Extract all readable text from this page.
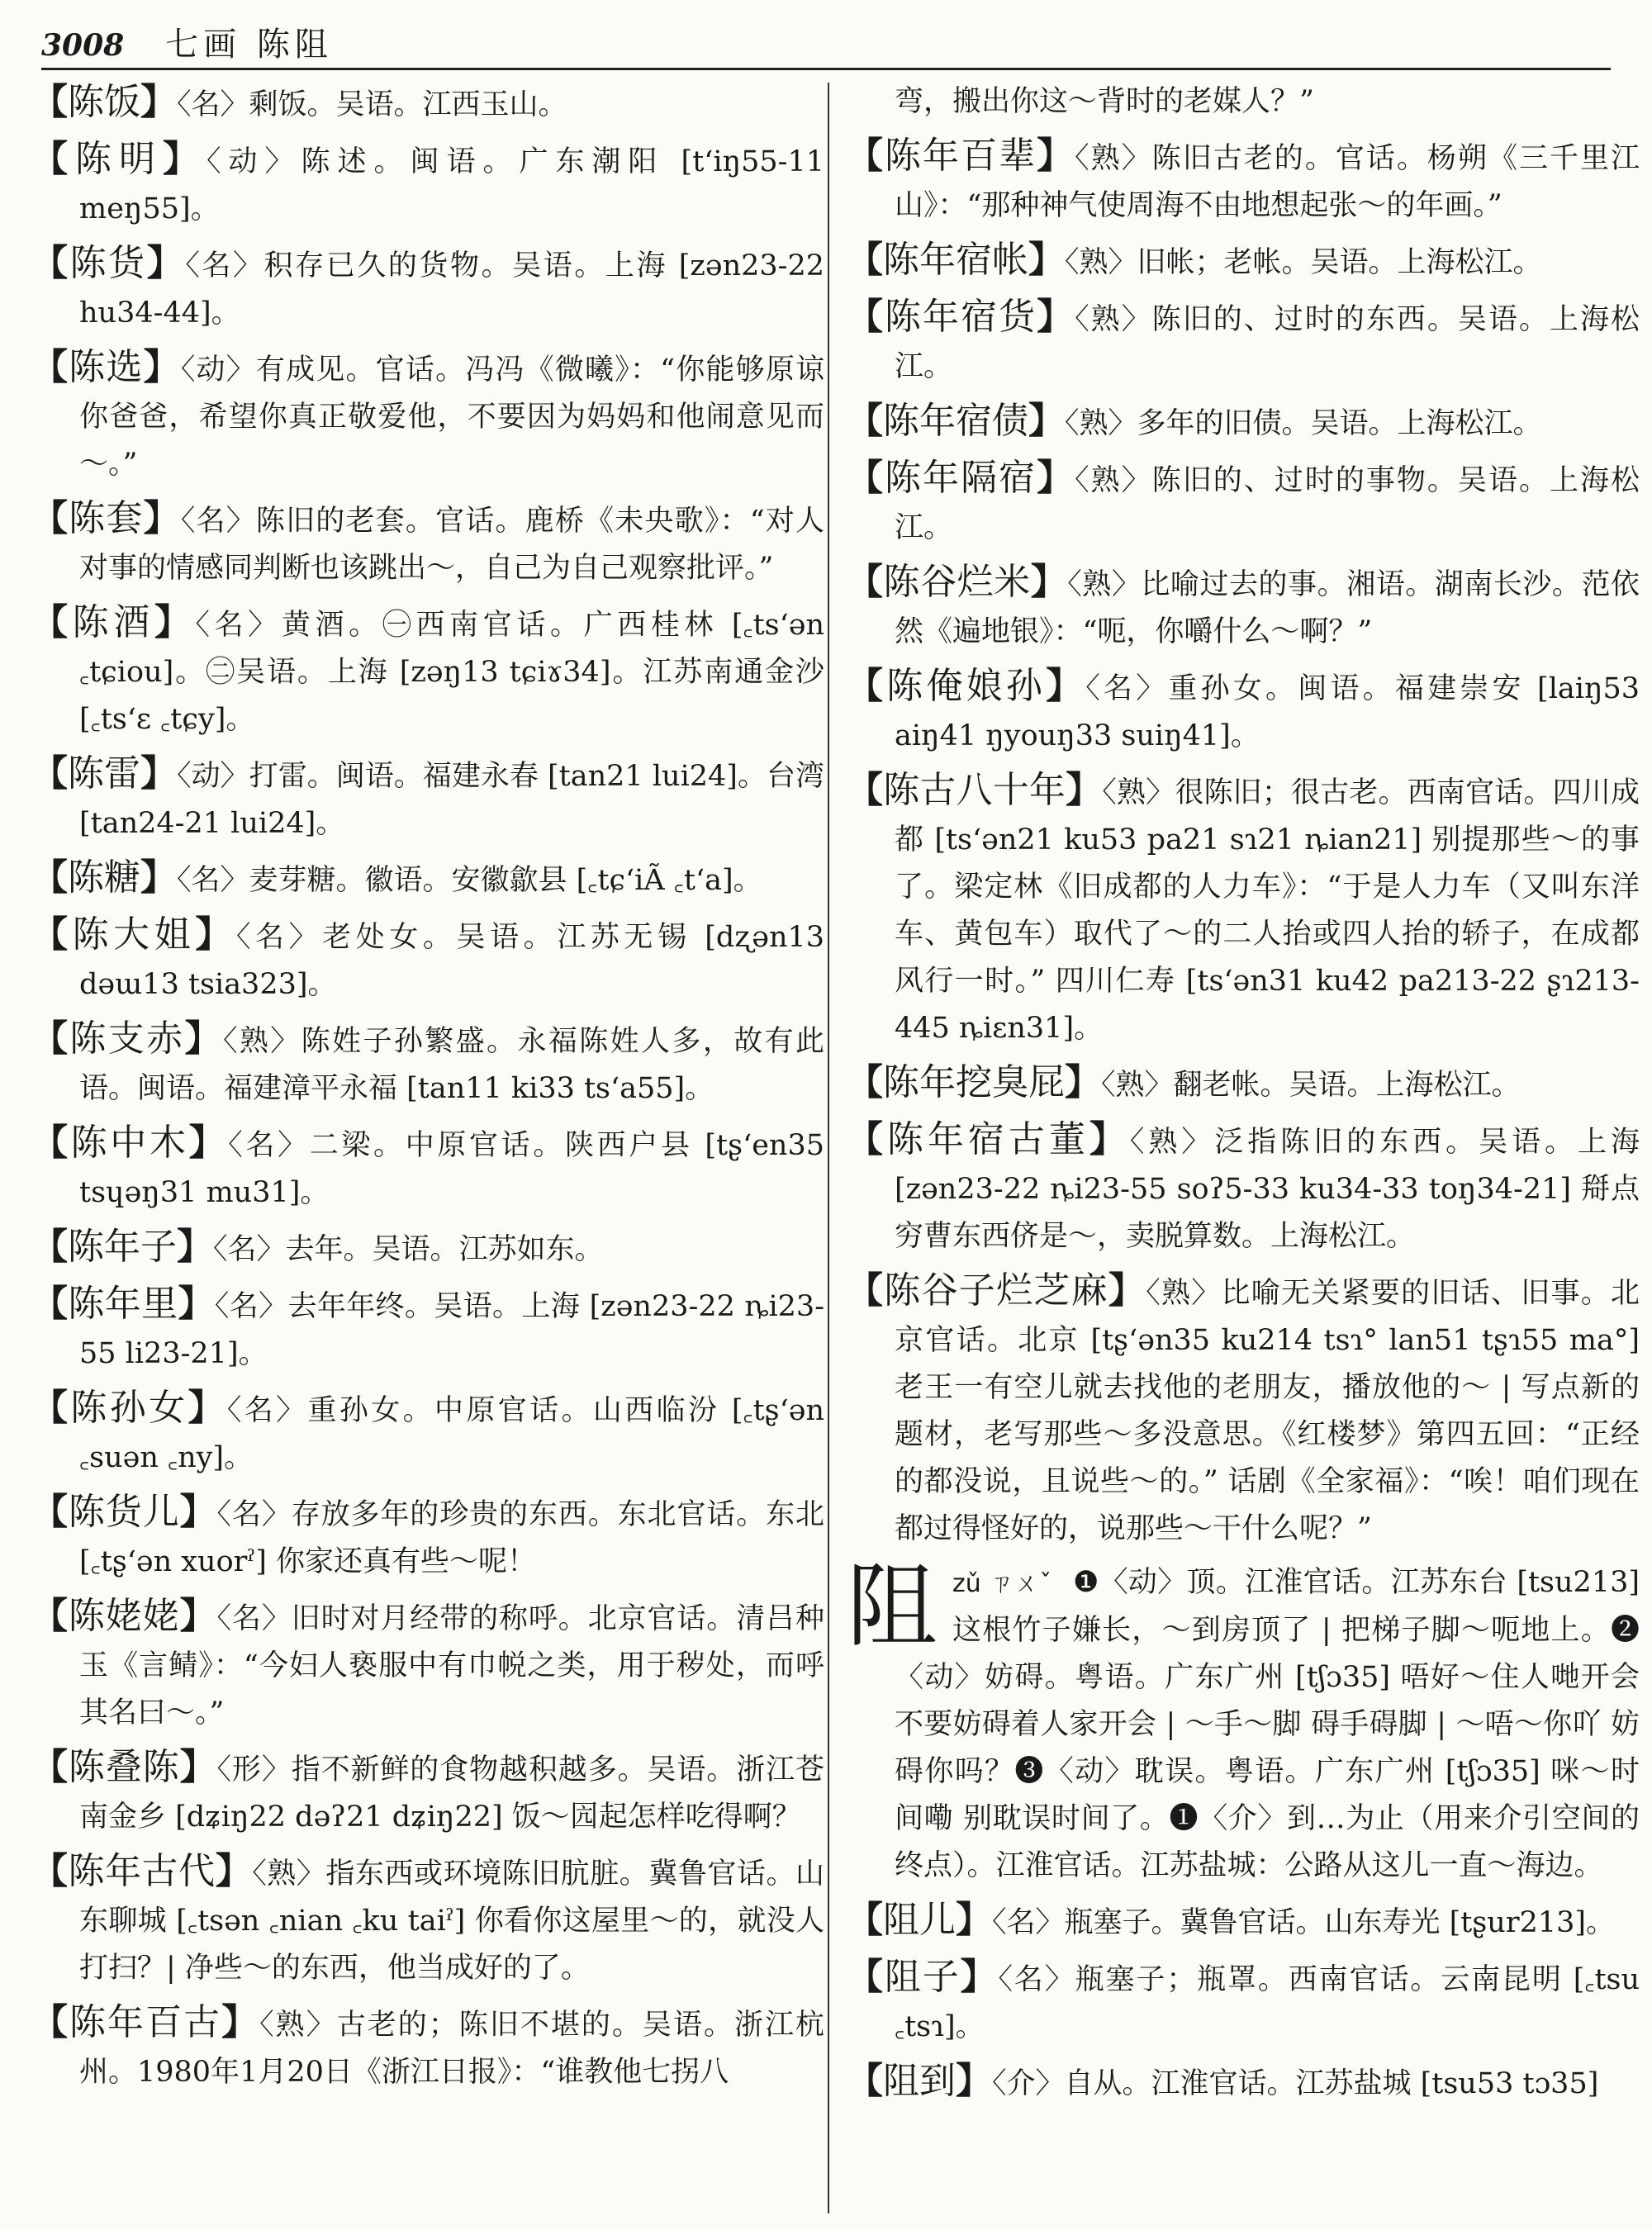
3008 七画 陈阻
【陈饭】〈名〉剩饭。吴语。江西玉山。
【陈明】〈动〉陈述。闽语。广东潮阳 [tʻiŋ55-11 meŋ55]。
【陈货】〈名〉积存已久的货物。吴语。上海 [zən23-22 hu34-44]。
【陈选】〈动〉有成见。官话。冯冯《微曦》：“你能够原谅你爸爸，希望你真正敬爱他，不要因为妈妈和他闹意见而～。”
【陈套】〈名〉陈旧的老套。官话。鹿桥《未央歌》：“对人对事的情感同判断也该跳出～，自己为自己观察批评。”
【陈酒】〈名〉黄酒。㊀西南官话。广西桂林 [꜀tsʻən ꜀tɕiou]。㊁吴语。上海 [zəŋ13 tɕiɤ34]。江苏南通金沙 [꜀tsʻɛ ꜀tɕy]。
【陈雷】〈动〉打雷。闽语。福建永春 [tan21 lui24]。台湾 [tan24-21 lui24]。
【陈糖】〈名〉麦芽糖。徽语。安徽歙县 [꜀tɕʻiÃ ꜀tʻa]。
【陈大姐】〈名〉老处女。吴语。江苏无锡 [dʐən13 dəɯ13 tsia323]。
【陈支赤】〈熟〉陈姓子孙繁盛。永福陈姓人多，故有此语。闽语。福建漳平永福 [tan11 ki33 tsʻa55]。
【陈中木】〈名〉二梁。中原官话。陕西户县 [tʂʻen35 tsɥəŋ31 mu31]。
【陈年子】〈名〉去年。吴语。江苏如东。
【陈年里】〈名〉去年年终。吴语。上海 [zən23-22 ȵi23-55 li23-21]。
【陈孙女】〈名〉重孙女。中原官话。山西临汾 [꜀tʂʻən ꜀suən ꜀ny]。
【陈货儿】〈名〉存放多年的珍贵的东西。东北官话。东北 [꜀tʂʻən xuorˀ] 你家还真有些～呢！
【陈姥姥】〈名〉旧时对月经带的称呼。北京官话。清吕种玉《言鲭》：“今妇人亵服中有巾帨之类，用于秽处，而呼其名曰～。”
【陈叠陈】〈形〉指不新鲜的食物越积越多。吴语。浙江苍南金乡 [dʑiŋ22 dəʔ21 dʑiŋ22] 饭～囥起怎样吃得啊？
【陈年古代】〈熟〉指东西或环境陈旧肮脏。冀鲁官话。山东聊城 [꜀tsən ꜀nian ꜀ku taiˀ] 你看你这屋里～的，就没人打扫？| 净些～的东西，他当成好的了。
【陈年百古】〈熟〉古老的；陈旧不堪的。吴语。浙江杭州。1980年1月20日《浙江日报》：“谁教他七拐八
弯，搬出你这～背时的老媒人？”
【陈年百辈】〈熟〉陈旧古老的。官话。杨朔《三千里江山》：“那种神气使周海不由地想起张～的年画。”
【陈年宿帐】〈熟〉旧帐；老帐。吴语。上海松江。
【陈年宿货】〈熟〉陈旧的、过时的东西。吴语。上海松江。
【陈年宿债】〈熟〉多年的旧债。吴语。上海松江。
【陈年隔宿】〈熟〉陈旧的、过时的事物。吴语。上海松江。
【陈谷烂米】〈熟〉比喻过去的事。湘语。湖南长沙。范依然《遍地银》：“呃，你嚼什么～啊？”
【陈俺娘孙】〈名〉重孙女。闽语。福建崇安 [laiŋ53 aiŋ41 ŋyouŋ33 suiŋ41]。
【陈古八十年】〈熟〉很陈旧；很古老。西南官话。四川成都 [tsʻən21 ku53 pa21 sɿ21 ȵian21] 别提那些～的事了。梁定林《旧成都的人力车》：“于是人力车（又叫东洋车、黄包车）取代了～的二人抬或四人抬的轿子，在成都风行一时。” 四川仁寿 [tsʻən31 ku42 pa213-22 ʂɿ213-445 ȵiɛn31]。
【陈年挖臭屁】〈熟〉翻老帐。吴语。上海松江。
【陈年宿古董】〈熟〉泛指陈旧的东西。吴语。上海 [zən23-22 ȵi23-55 soʔ5-33 ku34-33 toŋ34-21] 搿点穷曹东西侪是～，卖脱算数。上海松江。
【陈谷子烂芝麻】〈熟〉比喻无关紧要的旧话、旧事。北京官话。北京 [tʂʻən35 ku214 tsɿ° lan51 tʂɿ55 ma°] 老王一有空儿就去找他的老朋友，播放他的～ | 写点新的题材，老写那些～多没意思。《红楼梦》第四五回：“正经的都没说，且说些～的。” 话剧《全家福》：“唉！咱们现在都过得怪好的，说那些～干什么呢？”
阻 zǔ ㄗㄨˇ ❶〈动〉顶。江淮官话。江苏东台 [tsu213] 这根竹子嫌长，～到房顶了 | 把梯子脚～呃地上。❷〈动〉妨碍。粤语。广东广州 [tʃɔ35] 唔好～住人哋开会 不要妨碍着人家开会 | ～手～脚 碍手碍脚 | ～唔～你吖 妨碍你吗？❸〈动〉耽误。粤语。广东广州 [tʃɔ35] 咪～时间嘞 别耽误时间了。❶〈介〉到…为止（用来介引空间的终点）。江淮官话。江苏盐城：公路从这儿一直～海边。
【阻儿】〈名〉瓶塞子。冀鲁官话。山东寿光 [tʂur213]。
【阻子】〈名〉瓶塞子；瓶罩。西南官话。云南昆明 [꜀tsu ꜀tsɿ]。
【阻到】〈介〉自从。江淮官话。江苏盐城 [tsu53 tɔ35]
